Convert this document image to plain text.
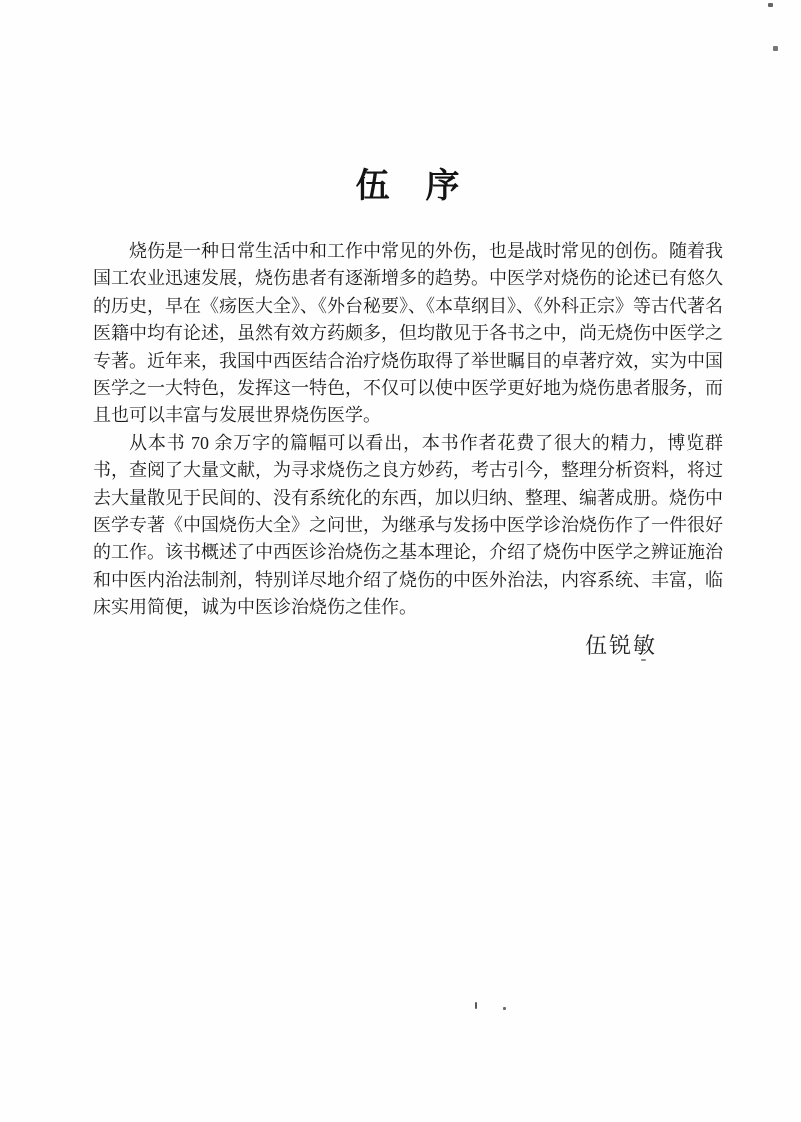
伍　序

烧伤是一种日常生活中和工作中常见的外伤，也是战时常见的创伤。随着我国工农业迅速发展，烧伤患者有逐渐增多的趋势。中医学对烧伤的论述已有悠久的历史，早在《疡医大全》、《外台秘要》、《本草纲目》、《外科正宗》等古代著名医籍中均有论述，虽然有效方药颇多，但均散见于各书之中，尚无烧伤中医学之专著。近年来，我国中西医结合治疗烧伤取得了举世瞩目的卓著疗效，实为中国医学之一大特色，发挥这一特色，不仅可以使中医学更好地为烧伤患者服务，而且也可以丰富与发展世界烧伤医学。

从本书 70 余万字的篇幅可以看出，本书作者花费了很大的精力，博览群书，查阅了大量文献，为寻求烧伤之良方妙药，考古引今，整理分析资料，将过去大量散见于民间的、没有系统化的东西，加以归纳、整理、编著成册。烧伤中医学专著《中国烧伤大全》之问世，为继承与发扬中医学诊治烧伤作了一件很好的工作。该书概述了中西医诊治烧伤之基本理论，介绍了烧伤中医学之辨证施治和中医内治法制剂，特别详尽地介绍了烧伤的中医外治法，内容系统、丰富，临床实用简便，诚为中医诊治烧伤之佳作。

伍锐敏
